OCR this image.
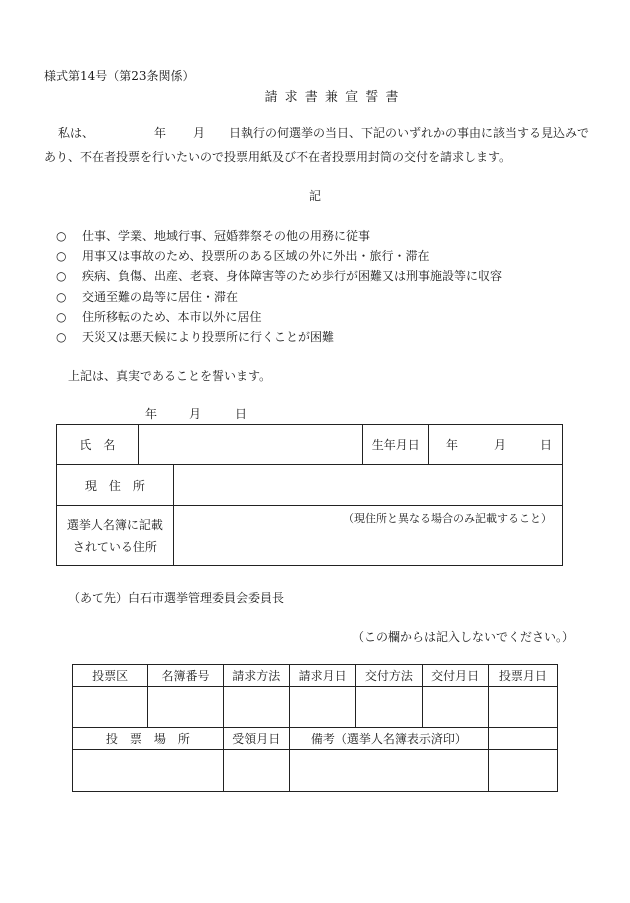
様式第14号（第23条関係）
請求書兼宣誓書
私は、	年 月 日執行の何選挙の当日、下記のいずれかの事由に該当する見込みで
あり、不在者投票を行いたいので投票用紙及び不在者投票用封筒の交付を請求します。
記
○	仕事、学業、地域行事、冠婚葬祭その他の用務に従事
○	用事又は事故のため、投票所のある区域の外に外出・旅行・滞在
○	疾病、負傷、出産、老衰、身体障害等のため歩行が困難又は刑事施設等に収容
○	交通至難の島等に居住・滞在
○	住所移転のため、本市以外に居住
○	天災又は悪天候により投票所に行くことが困難
上記は、真実であることを誓います。
年	月	日
氏　名			生年月日	年 月 日
現　住　所				

選挙人名簿に記載
されている住所		（現住所と異なる場合のみ記載すること）		
（あて先）白石市選挙管理委員会委員長
（この欄からは記入しないでください。）
投票区	名簿番号	請求方法	請求月日	交付方法	交付月日	投票月日

投　票　場　所		受領月日	備考（選挙人名簿表示済印）			
